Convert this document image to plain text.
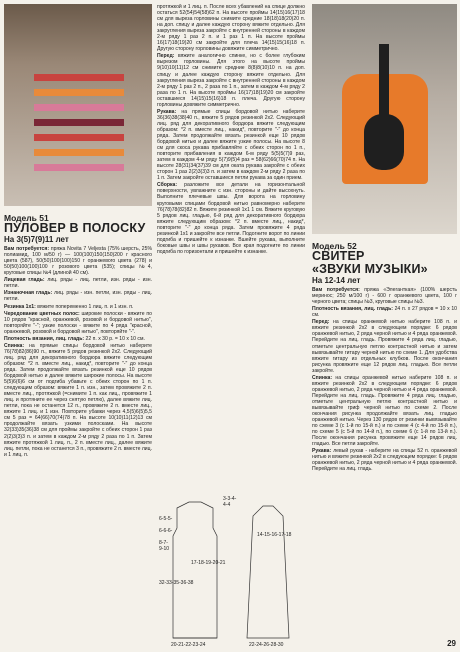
Модель 51
ПУЛОВЕР В ПОЛОСКУ
На 3(5)7(9)11 лет

Вам потребуется: пряжа Novita 7 Veljesta (75% шерсть, 25% полиамид, 100 м/50 г) — 100(100)150(150)200 г красного цвета (587), 50(50)100(100)150 г оранжевого цвета (278) и 50(50)100(100)100 г розового цвета (535); спицы №4, круговые спицы №4 (длиной 40 см).

Лицевая гладь: лиц. ряды - лиц. петли, изн. ряды - изн. петли.

Изнаночная гладь: лиц. ряды - изн. петли, изн. ряды - лиц. петли.

Резинка 1х1: вяжите попеременно 1 лиц. п. и 1 изн. п.

Чередование цветных полос: широкие полоски - вяжите по 10 рядов "красной, оранжевой, розовой и бордовой нитью", повторяйте "-"; узкие полоски - вяжите по 4 ряда "красной, оранжевой, розовой и бордовой нитью", повторяйте "-".

Плотность вязания, лиц. гладь: 22 п. х 30 р. = 10 х 10 см.

Спинка: на прямые спицы бордовой нитью наберите 76(78)82(86)90 п., вяжите 5 рядов резинкой 2х2. Следующий лиц. ряд для декоративного бордюра вяжите следующим образом: *2 п. вместе лиц., накид*, повторите "-" до конца ряда. Затем продолжайте вязать резинкой еще 10 рядов бордовой нитью и далее вяжите широкие полосы. На высоте 5(5)6(6)6 см от подгиба убавьте с обеих сторон по 1 п. следующим образом: вяжите 1 п. изн., затем провяжите 2 п. вместе лиц., протяжкой (=снимите 1 п. как лиц., провяжите 1 лиц. и протяните ее через снятую петлю), далее вяжите лиц. петли, пока не останется 12 п., провяжите 2 п. вместе лиц., вяжите 1 лиц. и 1 изн. Повторите убавки через 4,5(5)6(5)5,5 см 5 раз = 64(66)70(74)78 п. На высоте 10(10)11(12)13 см продолжайте вязать узкими полосками. На высоте 32(33)35(36)38 см для проймы закройте с обеих сторон 1 раз 2(2)3(3)3 п. и затем в каждом 2-м ряду 2 раза по 1 п. Затем вяжите протяжкой 1 лиц. п., 2 п. вместе лиц., далее вяжите лиц. петли, пока не останется 3 п., провяжите 2 п. вместе лиц. и 1 лиц. п.

протяжкой и 1 лиц. п. После всех убавлений на спице должно остаться 52(54)54(58)62 п. На высоте проймы 14(15)16(17)18 см для выреза горловины снимите средние 18(18)18(20)20 п. на доп. спицу и далее каждую сторону вяжите отдельно. Для закругления выреза закройте с внутренней стороны в каждом 2-м ряду 1 раз 2 п. и 1 раз 1 п. На высоте проймы 16(17)18(19)20 см закройте для плеча 14(15)15(16)18 п. Другую сторону горловины довяжите симметрично.

Перед: вяжите аналогично спинке, но с более глубоким вырезом горловины. Для этого на высоте проймы 9(10)10(11)12 см снимите средние 8(8)8(10)10 п. на доп. спицу и далее каждую сторону вяжите отдельно. Для закругления выреза закройте с внутренней стороны в каждом 2-м ряду 1 раз 2 п., 2 раза по 1 п., затем в каждом 4-м ряду 2 раза по 1 п. На высоте проймы 16(17)18(19)20 см закройте оставшиеся 14(15)15(16)18 п. плеча. Другую сторону горловины довяжите симметрично.

Рукава: на прямые спицы бордовой нитью наберите 36(36)38(38)40 п., вяжите 5 рядов резинкой 2х2. Следующий лиц. ряд для декоративного бордюра вяжите следующим образом: *2 п. вместе лиц., накид*, повторите "-" до конца ряда. Затем продолжайте вязать резинкой еще 10 рядов бордовой нитью и далее вяжите узкие полосы. На высоте 8 см для скоса рукава прибавляйте с обеих сторон по 1 п., повторите прибавления в каждом 6-м ряду 5(5)5(7)9 раз, затем в каждом 4-м ряду 5(7)9(5)4 раз = 58(62)66(70)74 п. На высоте 28(31)34(37)39 см для оката рукава закройте с обеих сторон 1 раз 2(2)3(3)3 п. и затем в каждом 2-м ряду 2 раза по 1 п. Затем закройте оставшиеся петли рукава за один прием.

Сборка: разложите все детали на горизонтальной поверхности, увлажните с изн. стороны и дайте высохнуть. Выполните плечевые швы. Для ворота на горловину круговыми спицами бордовой нитью равномерно наберите 76(78)78(82)82 п. Вяжите резинкой 1х1 1 см. Вяжите круговую 5 рядов лиц. гладью, 6-й ряд для декоративного бордюра вяжите следующим образом: *2 п. вместе лиц., накид*, повторите "-" до конца ряда. Затем провяжите 4 ряда резинкой 1х1 и закройте все петли. Подогните ворот по линии подгиба и пришейте к изнанке. Вшейте рукава, выполните боковые швы и швы рукавов. Все края подогните по линии подгиба по горизонтали и пришейте к изнанке.

3-3-4-
4-4
6-5-5-
6-6-6-
8-7-
9-10
17-18-19-20-21
32-33-35-36-38
20-21-22-23-24
14-15-16-17-18
22-24-26-28-30
Модель 52
СВИТЕР
«ЗВУКИ МУЗЫКИ»
На 12-14 лет

Вам потребуется: пряжа «Элеганткая» (100% шерсть меринос; 250 м/100 г) - 600 г оранжевого цвета, 100 г черного цвета; спицы №3, круговые спицы №3.

Плотность вязания, лиц. гладь: 24 п. х 27 рядов = 10 х 10 см.

Перед: на спицы оранжевой нитью наберите 108 п. и вяжите резинкой 2х2 в следующем порядке: 6 рядов оранжевой нитью, 2 ряда черной нитью и 4 ряда оранжевой. Перейдите на лиц. гладь. Провяжите 4 ряда лиц. гладью, отметьте центральную петлю контрастной нитью и затем вывязывайте гитару черной нитью по схеме 1. Для удобства вяжите гитару из отдельных клубков. После окончания рисунка провяжите еще 12 рядов лиц. гладью. Все петли закройте.

Спинка: на спицы оранжевой нитью наберите 108 п. и вяжите резинкой 2х2 в следующем порядке: 6 рядов оранжевой нитью, 2 ряда черной нитью и 4 ряда оранжевой. Перейдите на лиц. гладь. Провяжите 4 ряда лиц. гладью, отметьте центральную петлю контрастной нитью и вывязывайте гриф черной нитью по схеме 2. После окончания рисунка продолжайте вязать лиц. гладью оранжевой нитью. Через 130 рядов от резинки вывязывайте по схеме 3 (с 1-й по 15-й п.) и по схеме 4 (с 4-й по 15-й п.), по схеме 5 (с 5-й по 14-й п.), по схеме 6 (с 1-й по 13-й п.). После окончания рисунка провяжите еще 14 рядов лиц. гладью. Все петли закройте.

Рукава: левый рукав - наберите на спицы 52 п. оранжевой нитью и вяжите резинкой 2х2 в следующем порядке: 6 рядов оранжевой нитью, 2 ряда черной нитью и 4 ряда оранжевой. Перейдите на лиц. гладь.

29
